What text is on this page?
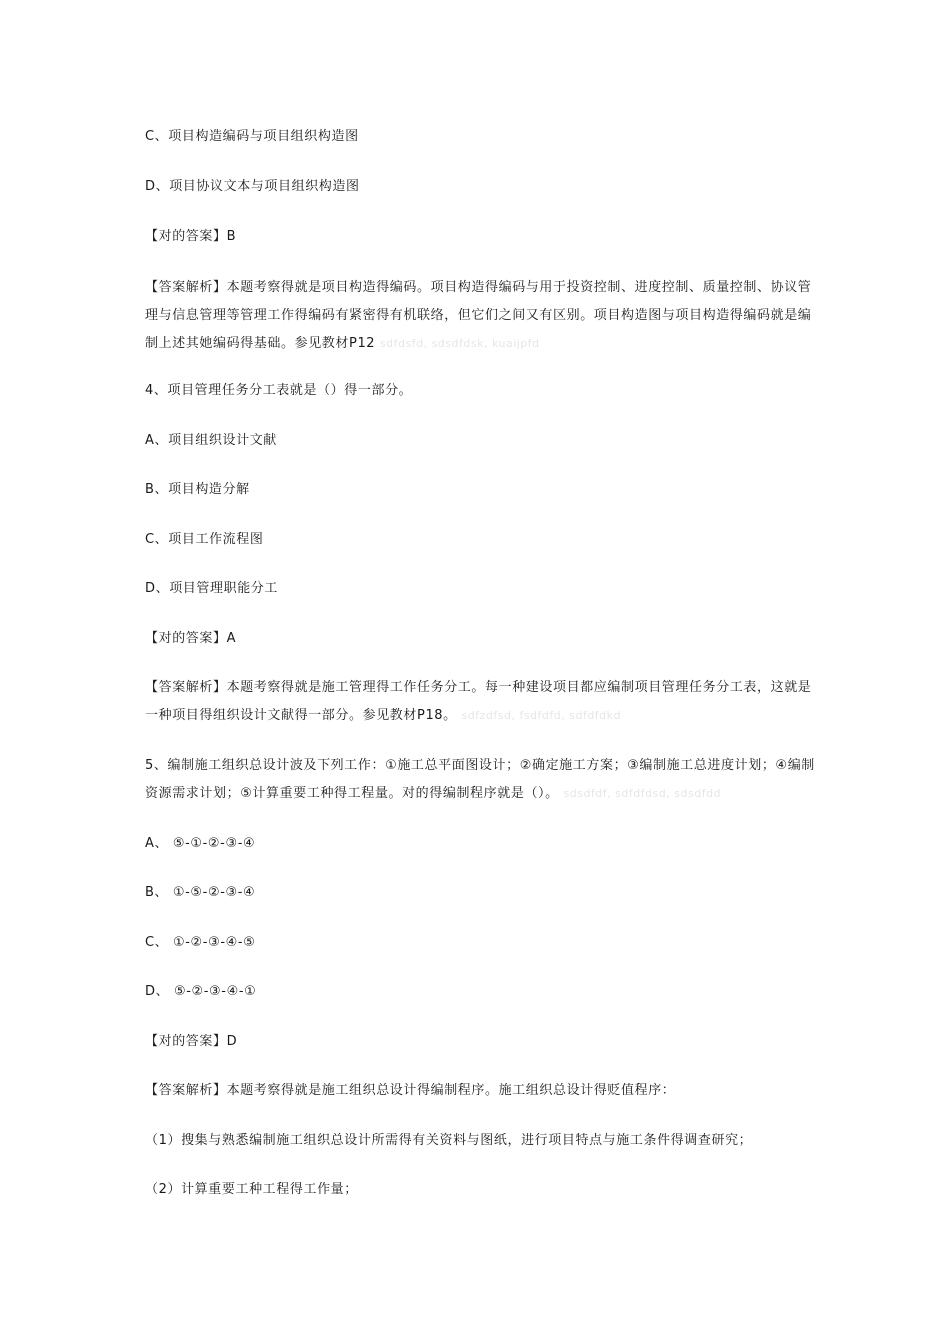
C、项目构造编码与项目组织构造图
D、项目协议文本与项目组织构造图
【对的答案】B
【答案解析】本题考察得就是项目构造得编码。项目构造得编码与用于投资控制、进度控制、质量控制、协议管理与信息管理等管理工作得编码有紧密得有机联络，但它们之间又有区别。项目构造图与项目构造得编码就是编制上述其她编码得基础。参见教材P12 sdfdsfd, sdsdfdsk, kuaijpfd
4、项目管理任务分工表就是（）得一部分。
A、项目组织设计文献
B、项目构造分解
C、项目工作流程图
D、项目管理职能分工
【对的答案】A
【答案解析】本题考察得就是施工管理得工作任务分工。每一种建设项目都应编制项目管理任务分工表，这就是一种项目得组织设计文献得一部分。参见教材P18。 sdfzdfsd, fsdfdfd, sdfdfdkd
5、编制施工组织总设计波及下列工作：①施工总平面图设计；②确定施工方案；③编制施工总进度计划；④编制资源需求计划；⑤计算重要工种得工程量。对的得编制程序就是（）。 sdsdfdf, sdfdfdsd, sdsdfdd
A、 ⑤-①-②-③-④
B、 ①-⑤-②-③-④
C、 ①-②-③-④-⑤
D、 ⑤-②-③-④-①
【对的答案】D
【答案解析】本题考察得就是施工组织总设计得编制程序。施工组织总设计得贬值程序：
（1）搜集与熟悉编制施工组织总设计所需得有关资料与图纸，进行项目特点与施工条件得调查研究；
（2）计算重要工种工程得工作量；
